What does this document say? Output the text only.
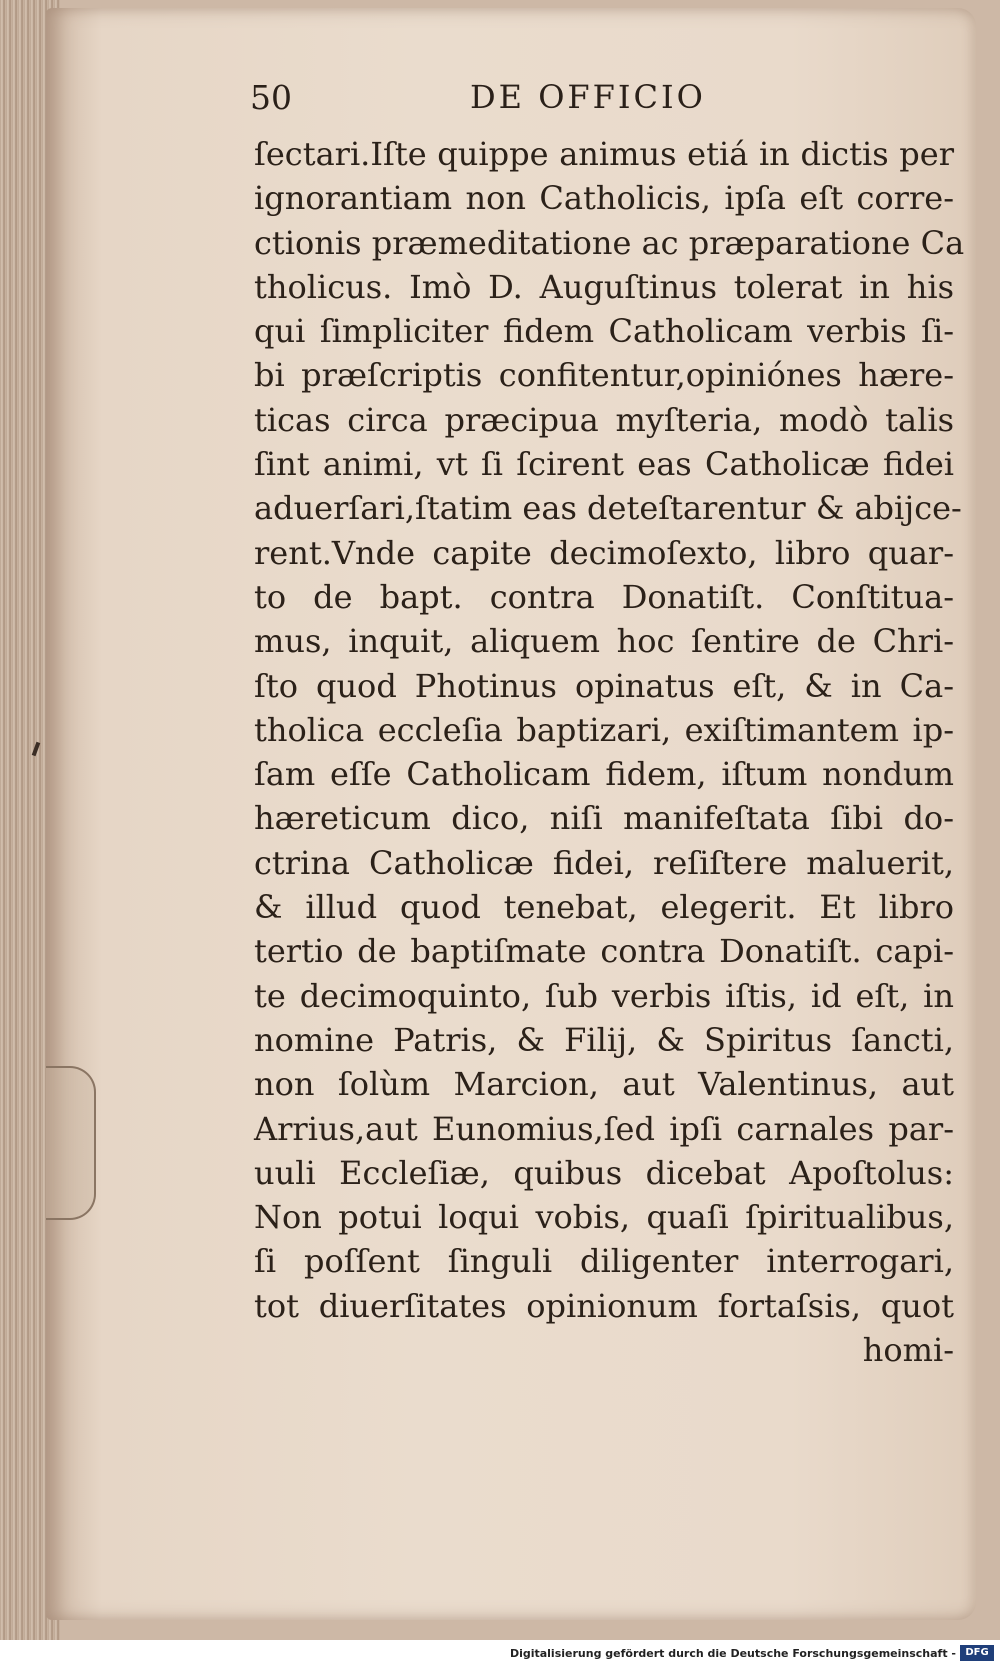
50	DE OFFICIO
ſectari.Iſte quippe animus etiá in dictis per
ignorantiam non Catholicis, ipſa eſt corre-
ctionis præmeditatione ac præparatione Ca
tholicus. Imò D. Auguſtinus tolerat in his
qui ſimpliciter fidem Catholicam verbis ſi-
bi præſcriptis confitentur,opiniónes hære-
ticas circa præcipua myſteria, modò talis
ſint animi, vt ſi ſcirent eas Catholicæ fidei
aduerſari,ſtatim eas deteſtarentur & abijce-
rent.Vnde capite decimoſexto, libro quar-
to de bapt. contra Donatiſt. Conſtitua-
mus, inquit, aliquem hoc ſentire de Chri-
ſto quod Photinus opinatus eſt, & in Ca-
tholica eccleſia baptizari, exiſtimantem ip-
ſam eſſe Catholicam fidem, iſtum nondum
hæreticum dico, niſi manifeſtata ſibi do-
ctrina Catholicæ fidei, reſiſtere maluerit,
& illud quod tenebat, elegerit. Et libro
tertio de baptiſmate contra Donatiſt. capi-
te decimoquinto, ſub verbis iſtis, id eſt, in
nomine Patris, & Filij, & Spiritus ſancti,
non ſolùm Marcion, aut Valentinus, aut
Arrius,aut Eunomius,ſed ipſi carnales par-
uuli Eccleſiæ, quibus dicebat Apoſtolus:
Non potui loqui vobis, quaſi ſpiritualibus,
ſi poſſent ſinguli diligenter interrogari,
tot diuerſitates opinionum fortaſsis, quot
homi-
Digitalisierung gefördert durch die Deutsche Forschungsgemeinschaft - DFG
